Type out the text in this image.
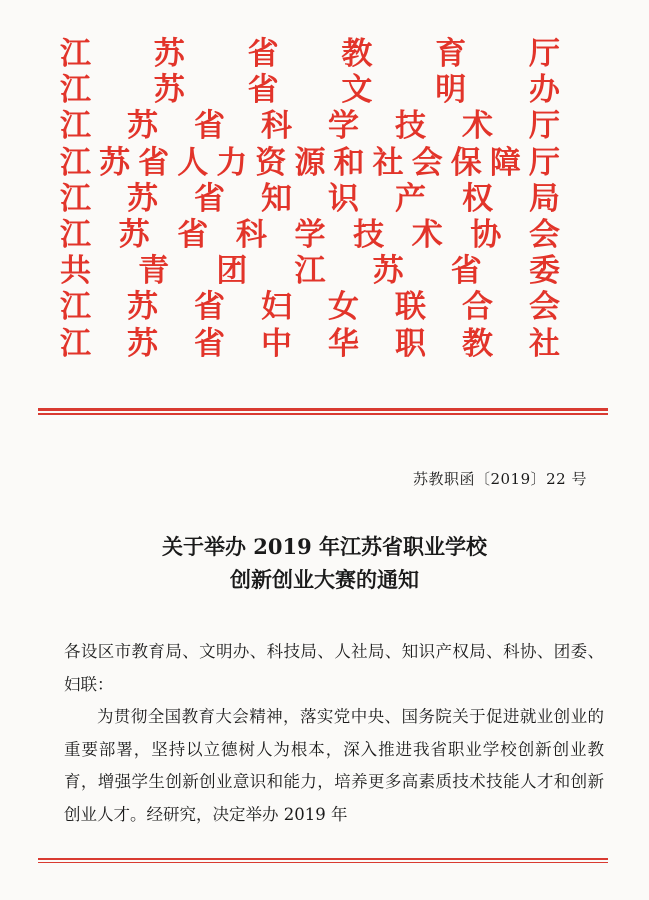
江 苏 省 教 育 厅
江 苏 省 文 明 办
江 苏 省 科 学 技 术 厅
江 苏 省 人 力 资 源 和 社 会 保 障 厅
江 苏 省 知 识 产 权 局
江 苏 省 科 学 技 术 协 会
共 青 团 江 苏 省 委
江 苏 省 妇 女 联 合 会
江 苏 省 中 华 职 教 社
苏教职函〔2019〕22 号
关于举办 2019 年江苏省职业学校
创新创业大赛的通知

各设区市教育局、文明办、科技局、人社局、知识产权局、科协、团委、妇联：

为贯彻全国教育大会精神，落实党中央、国务院关于促进就业创业的重要部署，坚持以立德树人为根本，深入推进我省职业学校创新创业教育，增强学生创新创业意识和能力，培养更多高素质技术技能人才和创新创业人才。经研究，决定举办 2019 年
